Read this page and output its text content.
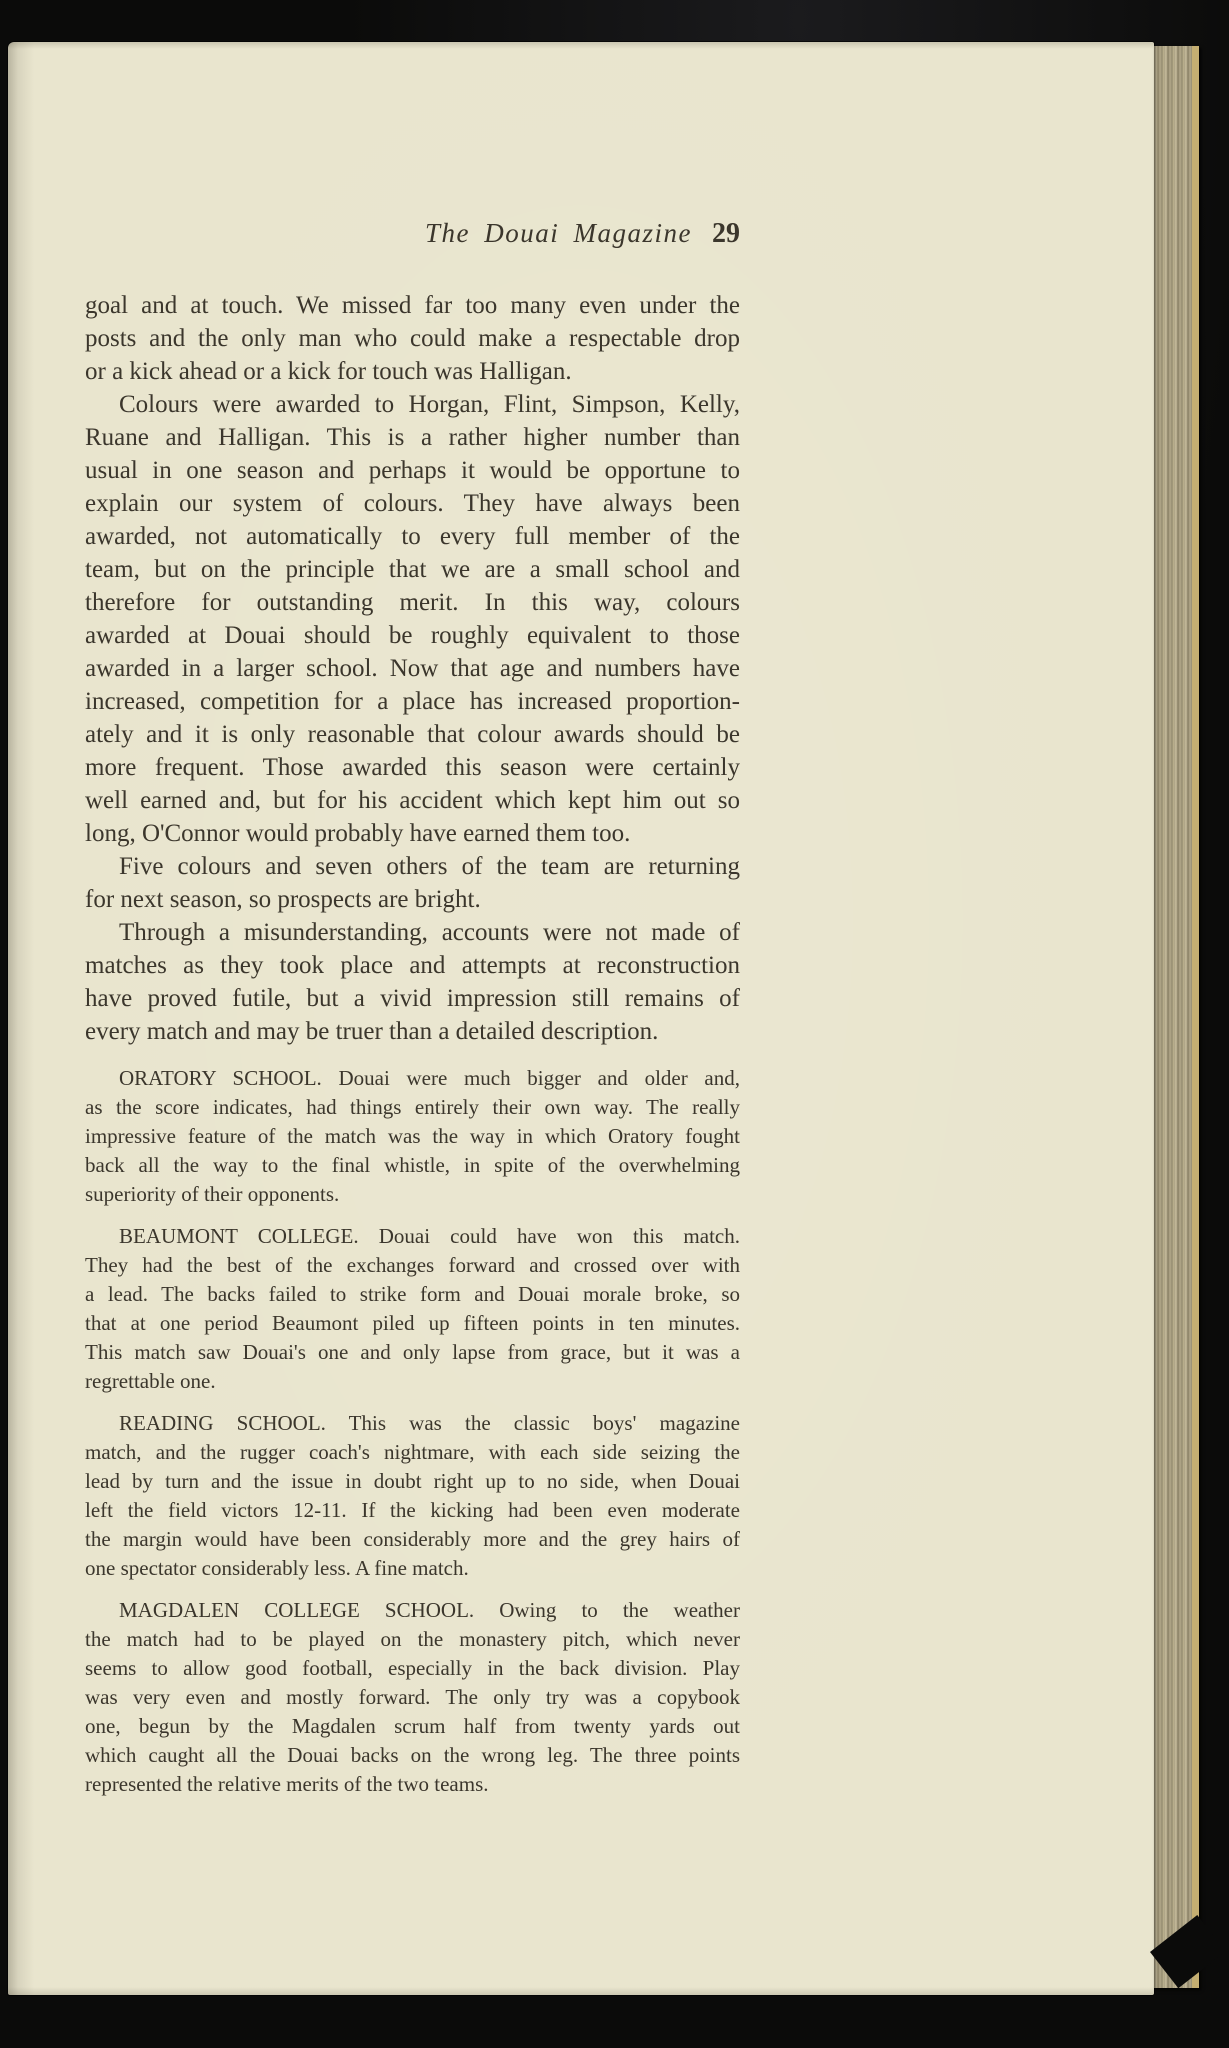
The Douai Magazine 29
goal and at touch. We missed far too many even under the
posts and the only man who could make a respectable drop
or a kick ahead or a kick for touch was Halligan.
Colours were awarded to Horgan, Flint, Simpson, Kelly,
Ruane and Halligan. This is a rather higher number than
usual in one season and perhaps it would be opportune to
explain our system of colours. They have always been
awarded, not automatically to every full member of the
team, but on the principle that we are a small school and
therefore for outstanding merit. In this way, colours
awarded at Douai should be roughly equivalent to those
awarded in a larger school. Now that age and numbers have
increased, competition for a place has increased proportion-
ately and it is only reasonable that colour awards should be
more frequent. Those awarded this season were certainly
well earned and, but for his accident which kept him out so
long, O'Connor would probably have earned them too.
Five colours and seven others of the team are returning
for next season, so prospects are bright.
Through a misunderstanding, accounts were not made of
matches as they took place and attempts at reconstruction
have proved futile, but a vivid impression still remains of
every match and may be truer than a detailed description.
ORATORY SCHOOL. Douai were much bigger and older and,
as the score indicates, had things entirely their own way. The really
impressive feature of the match was the way in which Oratory fought
back all the way to the final whistle, in spite of the overwhelming
superiority of their opponents.
BEAUMONT COLLEGE. Douai could have won this match.
They had the best of the exchanges forward and crossed over with
a lead. The backs failed to strike form and Douai morale broke, so
that at one period Beaumont piled up fifteen points in ten minutes.
This match saw Douai's one and only lapse from grace, but it was a
regrettable one.
READING SCHOOL. This was the classic boys' magazine
match, and the rugger coach's nightmare, with each side seizing the
lead by turn and the issue in doubt right up to no side, when Douai
left the field victors 12-11. If the kicking had been even moderate
the margin would have been considerably more and the grey hairs of
one spectator considerably less. A fine match.
MAGDALEN COLLEGE SCHOOL. Owing to the weather
the match had to be played on the monastery pitch, which never
seems to allow good football, especially in the back division. Play
was very even and mostly forward. The only try was a copybook
one, begun by the Magdalen scrum half from twenty yards out
which caught all the Douai backs on the wrong leg. The three points
represented the relative merits of the two teams.
